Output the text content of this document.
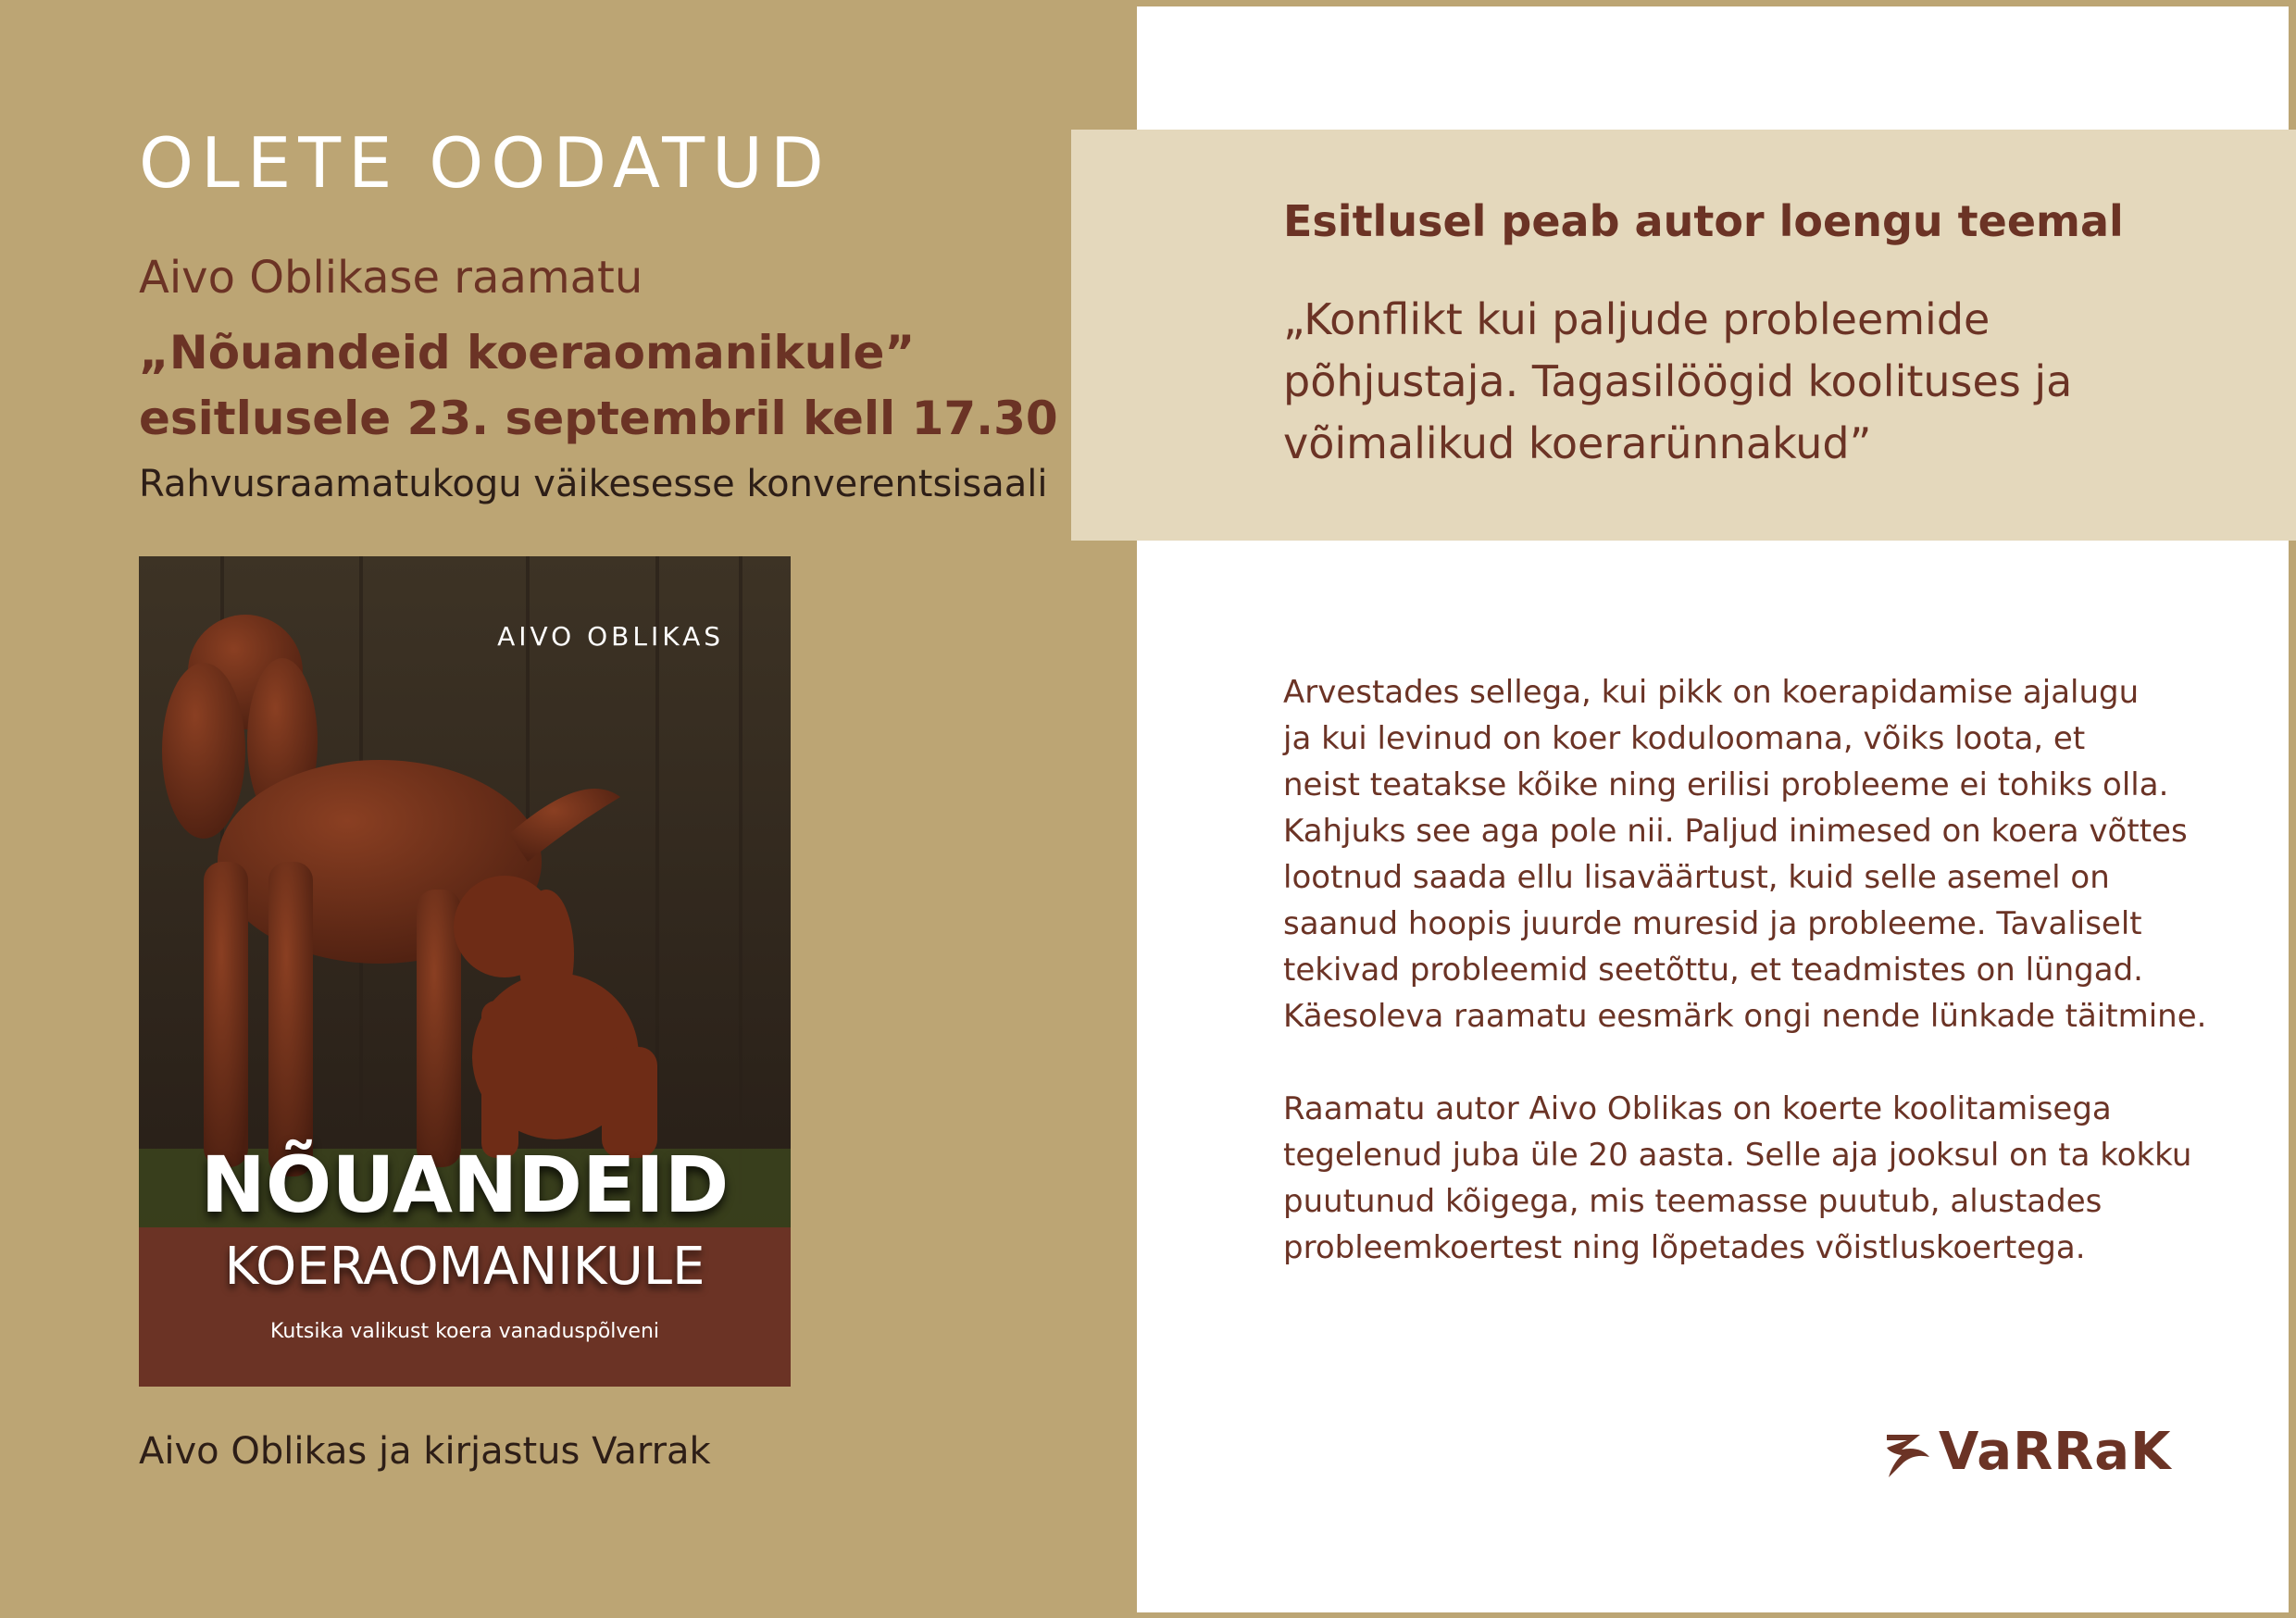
OLETE OODATUD

Aivo Oblikase raamatu

„Nõuandeid koeraomanikule”

esitlusele 23. septembril kell 17.30

Rahvusraamatukogu väikesesse konverentsisaali

AIVO OBLIKAS
NÕUANDEID
KOERAOMANIKULE
Kutsika valikust koera vanaduspõlveni

Aivo Oblikas ja kirjastus Varrak

Esitlusel peab autor loengu teemal

„Konflikt kui paljude probleemide

põhjustaja. Tagasilöögid koolituses ja

võimalikud koerarünnakud”

Arvestades sellega, kui pikk on koerapidamise ajalugu

ja kui levinud on koer koduloomana, võiks loota, et

neist teatakse kõike ning erilisi probleeme ei tohiks olla.

Kahjuks see aga pole nii. Paljud inimesed on koera võttes

lootnud saada ellu lisaväärtust, kuid selle asemel on

saanud hoopis juurde muresid ja probleeme. Tavaliselt

tekivad probleemid seetõttu, et teadmistes on lüngad.

Käesoleva raamatu eesmärk ongi nende lünkade täitmine.

Raamatu autor Aivo Oblikas on koerte koolitamisega

tegelenud juba üle 20 aasta. Selle aja jooksul on ta kokku

puutunud kõigega, mis teemasse puutub, alustades

probleemkoertest ning lõpetades võistluskoertega.

VaRRaK
